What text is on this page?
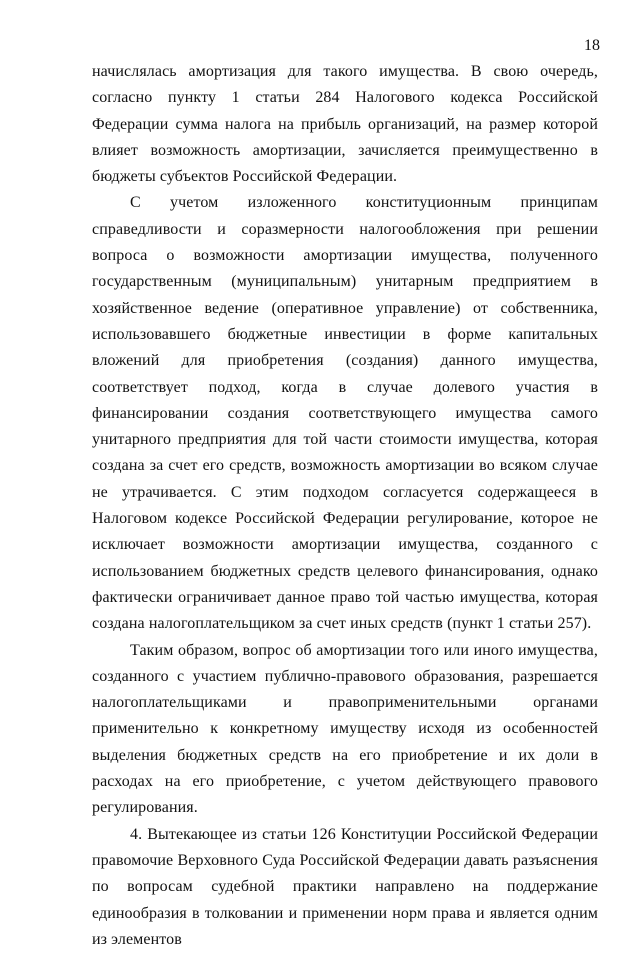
18

начислялась амортизация для такого имущества. В свою очередь, согласно пункту 1 статьи 284 Налогового кодекса Российской Федерации сумма налога на прибыль организаций, на размер которой влияет возможность амортизации, зачисляется преимущественно в бюджеты субъектов Российской Федерации.

С учетом изложенного конституционным принципам справедливости и соразмерности налогообложения при решении вопроса о возможности амортизации имущества, полученного государственным (муниципальным) унитарным предприятием в хозяйственное ведение (оперативное управление) от собственника, использовавшего бюджетные инвестиции в форме капитальных вложений для приобретения (создания) данного имущества, соответствует подход, когда в случае долевого участия в финансировании создания соответствующего имущества самого унитарного предприятия для той части стоимости имущества, которая создана за счет его средств, возможность амортизации во всяком случае не утрачивается. С этим подходом согласуется содержащееся в Налоговом кодексе Российской Федерации регулирование, которое не исключает возможности амортизации имущества, созданного с использованием бюджетных средств целевого финансирования, однако фактически ограничивает данное право той частью имущества, которая создана налогоплательщиком за счет иных средств (пункт 1 статьи 257).

Таким образом, вопрос об амортизации того или иного имущества, созданного с участием публично-правового образования, разрешается налогоплательщиками и правоприменительными органами применительно к конкретному имуществу исходя из особенностей выделения бюджетных средств на его приобретение и их доли в расходах на его приобретение, с учетом действующего правового регулирования.

4. Вытекающее из статьи 126 Конституции Российской Федерации правомочие Верховного Суда Российской Федерации давать разъяснения по вопросам судебной практики направлено на поддержание единообразия в толковании и применении норм права и является одним из элементов
